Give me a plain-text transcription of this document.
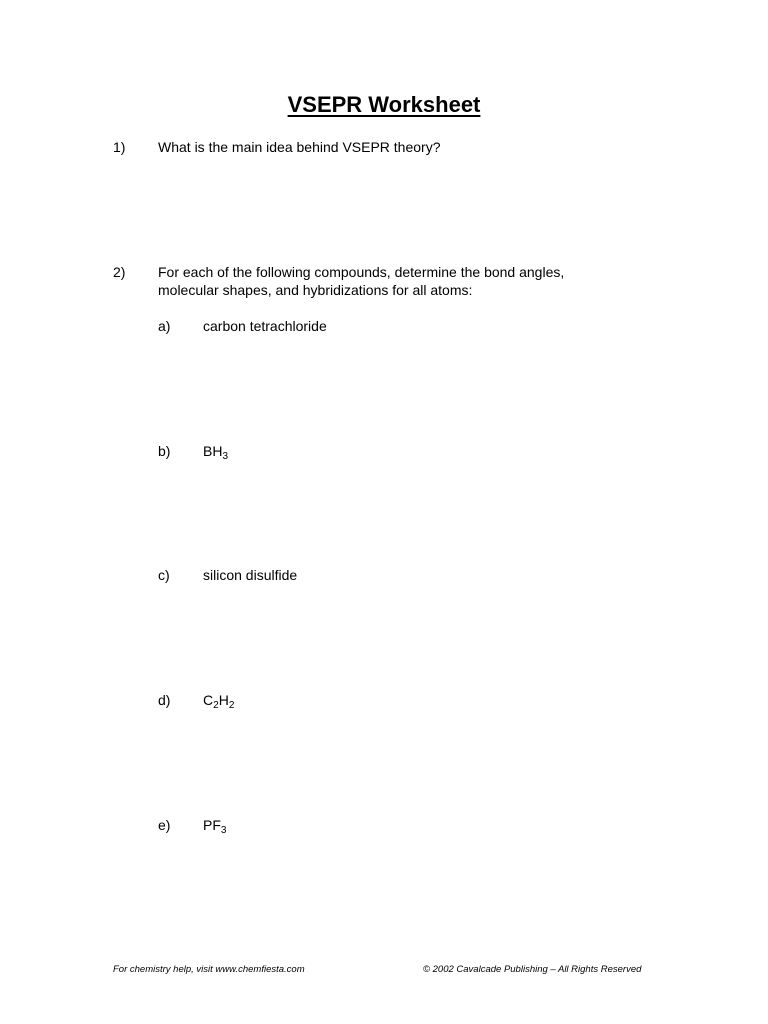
VSEPR Worksheet
1) What is the main idea behind VSEPR theory?
2) For each of the following compounds, determine the bond angles,
molecular shapes, and hybridizations for all atoms:
a) carbon tetrachloride
b) $BH_3$
c) silicon disulfide
d) $C_2H_2$
e) $PF_3$
For chemistry help, visit www.chemfiesta.com	© 2002 Cavalcade Publishing – All Rights Reserved
